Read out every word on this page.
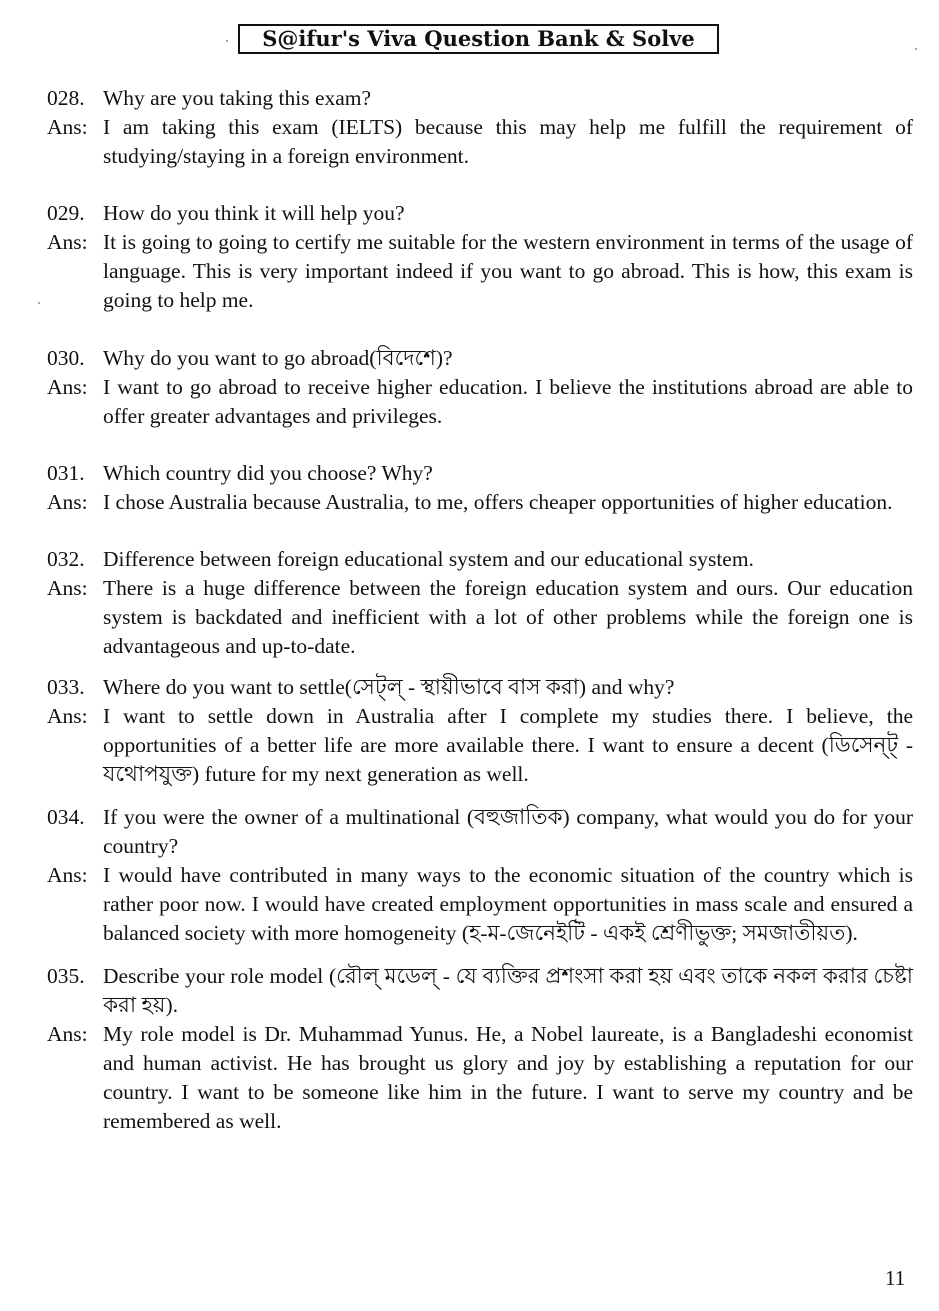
S@ifur's Viva Question Bank & Solve
028. Why are you taking this exam?
Ans: I am taking this exam (IELTS) because this may help me fulfill the requirement of studying/staying in a foreign environment.
029. How do you think it will help you?
Ans: It is going to going to certify me suitable for the western environment in terms of the usage of language. This is very important indeed if you want to go abroad. This is how, this exam is going to help me.
030. Why do you want to go abroad(বিদেশে)?
Ans: I want to go abroad to receive higher education. I believe the institutions abroad are able to offer greater advantages and privileges.
031. Which country did you choose? Why?
Ans: I chose Australia because Australia, to me, offers cheaper opportunities of higher education.
032. Difference between foreign educational system and our educational system.
Ans: There is a huge difference between the foreign education system and ours. Our education system is backdated and inefficient with a lot of other problems while the foreign one is advantageous and up-to-date.
033. Where do you want to settle(সেট্‌ল্‌ - স্থায়ীভাবে বাস করা) and why?
Ans: I want to settle down in Australia after I complete my studies there. I believe, the opportunities of a better life are more available there. I want to ensure a decent (ডিসেন্‌ট্‌ - যথোপযুক্ত) future for my next generation as well.
034. If you were the owner of a multinational (বহুজাতিক) company, what would you do for your country?
Ans: I would have contributed in many ways to the economic situation of the country which is rather poor now. I would have created employment opportunities in mass scale and ensured a balanced society with more homogeneity (হ-ম-জেনেইটি - একই শ্রেণীভুক্ত; সমজাতীয়ত).
035. Describe your role model (রৌল্‌ মডেল্‌ - যে ব্যক্তির প্রশংসা করা হয় এবং তাকে নকল করার চেষ্টা করা হয়).
Ans: My role model is Dr. Muhammad Yunus. He, a Nobel laureate, is a Bangladeshi economist and human activist. He has brought us glory and joy by establishing a reputation for our country. I want to be someone like him in the future. I want to serve my country and be remembered as well.
11
